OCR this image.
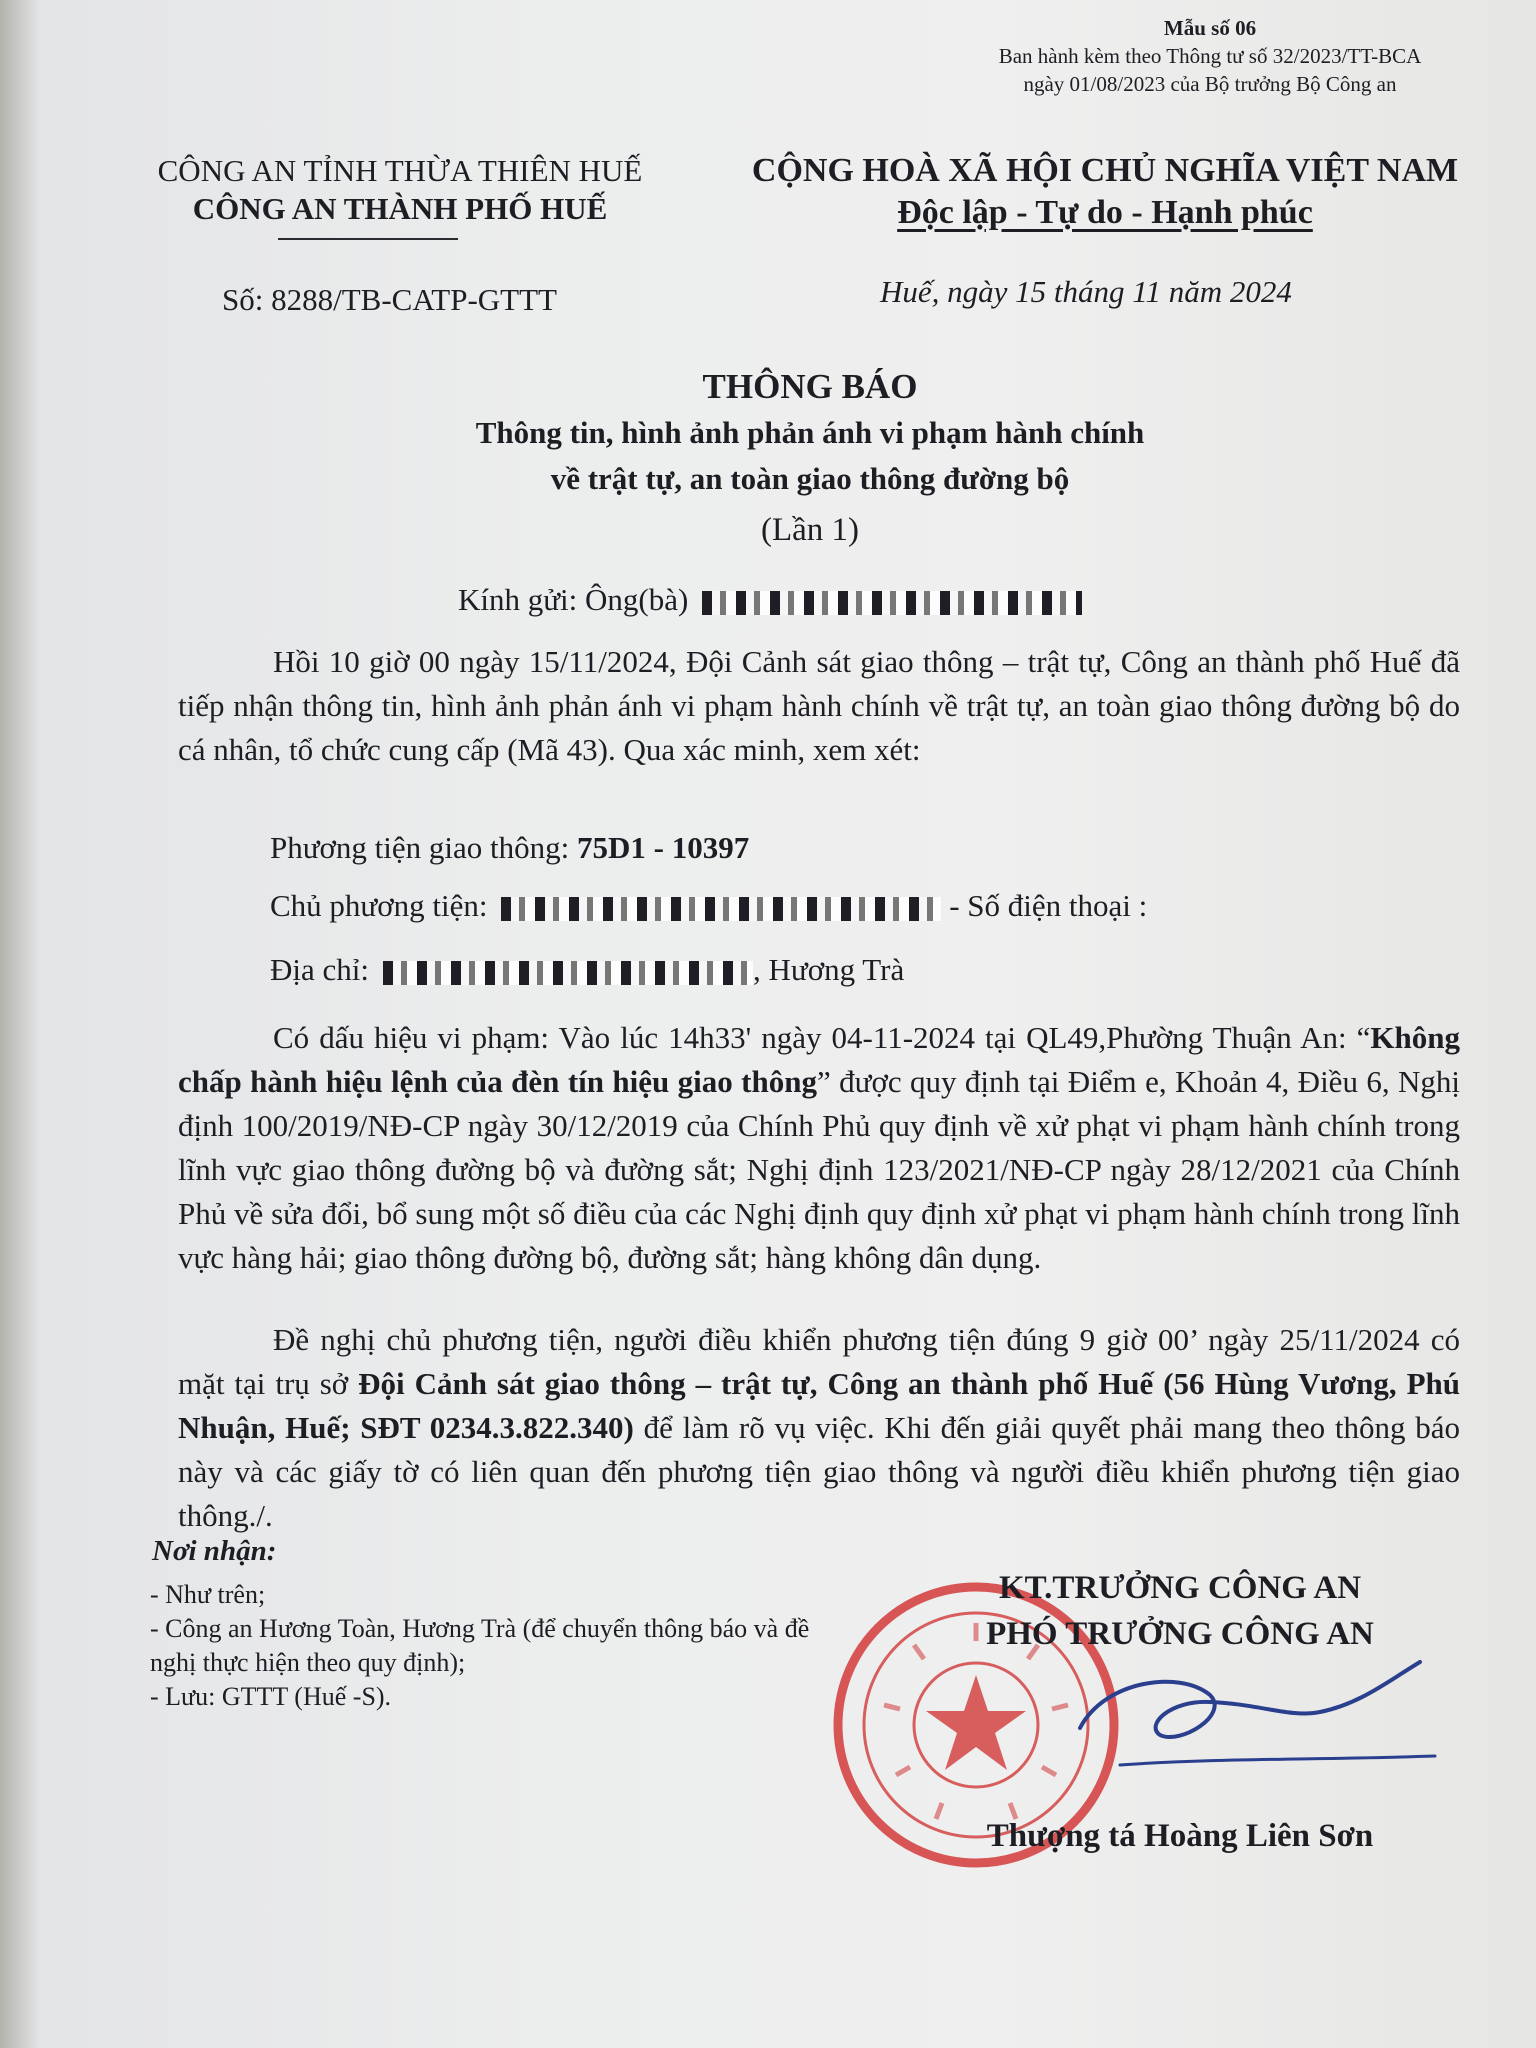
Mẫu số 06
Ban hành kèm theo Thông tư số 32/2023/TT-BCA
ngày 01/08/2023 của Bộ trưởng Bộ Công an
CÔNG AN TỈNH THỪA THIÊN HUẾ
CÔNG AN THÀNH PHỐ HUẾ
CỘNG HOÀ XÃ HỘI CHỦ NGHĨA VIỆT NAM
Độc lập - Tự do - Hạnh phúc
Số: 8288/TB-CATP-GTTT	Huế, ngày 15 tháng 11 năm 2024
THÔNG BÁO
Thông tin, hình ảnh phản ánh vi phạm hành chính
về trật tự, an toàn giao thông đường bộ
(Lần 1)
Kính gửi: Ông(bà)
Hồi 10 giờ 00 ngày 15/11/2024, Đội Cảnh sát giao thông – trật tự, Công an thành phố Huế đã tiếp nhận thông tin, hình ảnh phản ánh vi phạm hành chính về trật tự, an toàn giao thông đường bộ do cá nhân, tổ chức cung cấp (Mã 43). Qua xác minh, xem xét:
Phương tiện giao thông: 75D1 - 10397
Chủ phương tiện:	- Số điện thoại :
Địa chỉ:	, Hương Trà
Có dấu hiệu vi phạm: Vào lúc 14h33' ngày 04-11-2024 tại QL49,Phường Thuận An: “Không chấp hành hiệu lệnh của đèn tín hiệu giao thông” được quy định tại Điểm e, Khoản 4, Điều 6, Nghị định 100/2019/NĐ-CP ngày 30/12/2019 của Chính Phủ quy định về xử phạt vi phạm hành chính trong lĩnh vực giao thông đường bộ và đường sắt; Nghị định 123/2021/NĐ-CP ngày 28/12/2021 của Chính Phủ về sửa đổi, bổ sung một số điều của các Nghị định quy định xử phạt vi phạm hành chính trong lĩnh vực hàng hải; giao thông đường bộ, đường sắt; hàng không dân dụng.
Đề nghị chủ phương tiện, người điều khiển phương tiện đúng 9 giờ 00’ ngày 25/11/2024 có mặt tại trụ sở Đội Cảnh sát giao thông – trật tự, Công an thành phố Huế (56 Hùng Vương, Phú Nhuận, Huế; SĐT 0234.3.822.340) để làm rõ vụ việc. Khi đến giải quyết phải mang theo thông báo này và các giấy tờ có liên quan đến phương tiện giao thông và người điều khiển phương tiện giao thông./.
Nơi nhận:
- Như trên;
- Công an Hương Toàn, Hương Trà (để chuyển thông báo và đề nghị thực hiện theo quy định);
- Lưu: GTTT (Huế -S).
KT.TRƯỞNG CÔNG AN
PHÓ TRƯỞNG CÔNG AN
Thượng tá Hoàng Liên Sơn
